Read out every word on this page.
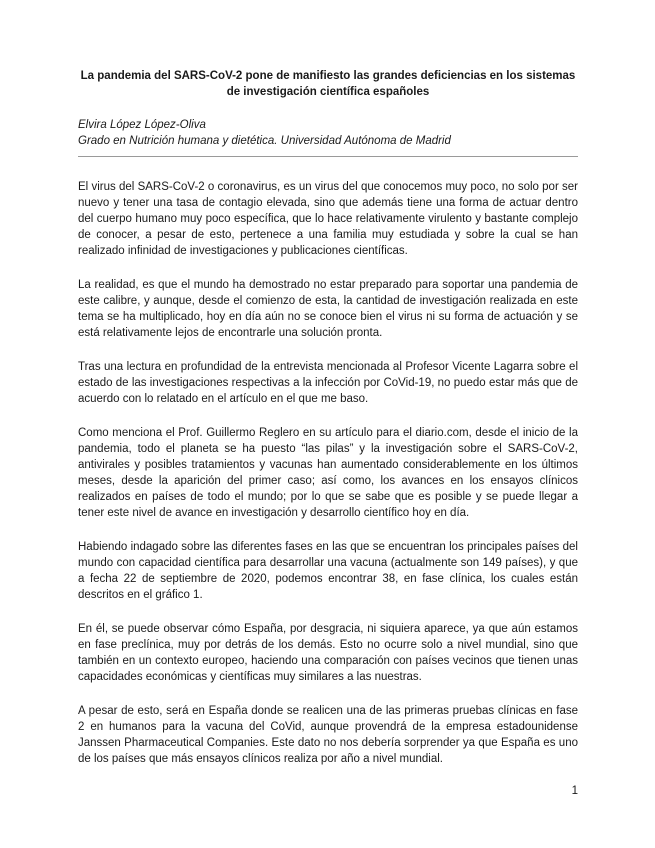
La pandemia del SARS-CoV-2 pone de manifiesto las grandes deficiencias en los sistemas de investigación científica españoles
Elvira López López-Oliva
Grado en Nutrición humana y dietética. Universidad Autónoma de Madrid

El virus del SARS-CoV-2 o coronavirus, es un virus del que conocemos muy poco, no solo por ser nuevo y tener una tasa de contagio elevada, sino que además tiene una forma de actuar dentro del cuerpo humano muy poco específica, que lo hace relativamente virulento y bastante complejo de conocer, a pesar de esto, pertenece a una familia muy estudiada y sobre la cual se han realizado infinidad de investigaciones y publicaciones científicas.

La realidad, es que el mundo ha demostrado no estar preparado para soportar una pandemia de este calibre, y aunque, desde el comienzo de esta, la cantidad de investigación realizada en este tema se ha multiplicado, hoy en día aún no se conoce bien el virus ni su forma de actuación y se está relativamente lejos de encontrarle una solución pronta.

Tras una lectura en profundidad de la entrevista mencionada al Profesor Vicente Lagarra sobre el estado de las investigaciones respectivas a la infección por CoVid-19, no puedo estar más que de acuerdo con lo relatado en el artículo en el que me baso.

Como menciona el Prof. Guillermo Reglero en su artículo para el diario.com, desde el inicio de la pandemia, todo el planeta se ha puesto “las pilas” y la investigación sobre el SARS-CoV-2, antivirales y posibles tratamientos y vacunas han aumentado considerablemente en los últimos meses, desde la aparición del primer caso; así como, los avances en los ensayos clínicos realizados en países de todo el mundo; por lo que se sabe que es posible y se puede llegar a tener este nivel de avance en investigación y desarrollo científico hoy en día.

Habiendo indagado sobre las diferentes fases en las que se encuentran los principales países del mundo con capacidad científica para desarrollar una vacuna (actualmente son 149 países), y que a fecha 22 de septiembre de 2020, podemos encontrar 38, en fase clínica, los cuales están descritos en el gráfico 1.

En él, se puede observar cómo España, por desgracia, ni siquiera aparece, ya que aún estamos en fase preclínica, muy por detrás de los demás. Esto no ocurre solo a nivel mundial, sino que también en un contexto europeo, haciendo una comparación con países vecinos que tienen unas capacidades económicas y científicas muy similares a las nuestras.

A pesar de esto, será en España donde se realicen una de las primeras pruebas clínicas en fase 2 en humanos para la vacuna del CoVid, aunque provendrá de la empresa estadounidense Janssen Pharmaceutical Companies. Este dato no nos debería sorprender ya que España es uno de los países que más ensayos clínicos realiza por año a nivel mundial.

1
